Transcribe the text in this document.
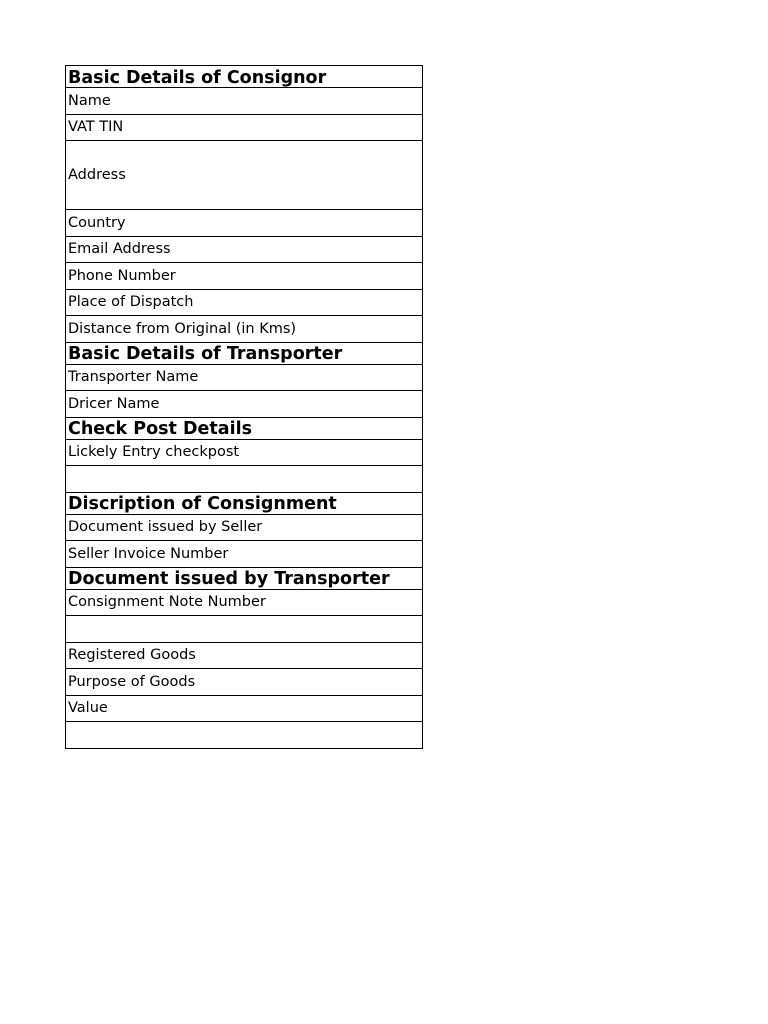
Basic Details of Consignor
Name
VAT TIN
Address
Country
Email Address
Phone Number
Place of Dispatch
Distance from Original (in Kms)
Basic Details of Transporter
Transporter Name
Dricer Name
Check Post Details
Lickely Entry checkpost
Discription of Consignment
Document issued by Seller
Seller Invoice Number
Document issued by Transporter
Consignment Note Number
Registered Goods
Purpose of Goods
Value
